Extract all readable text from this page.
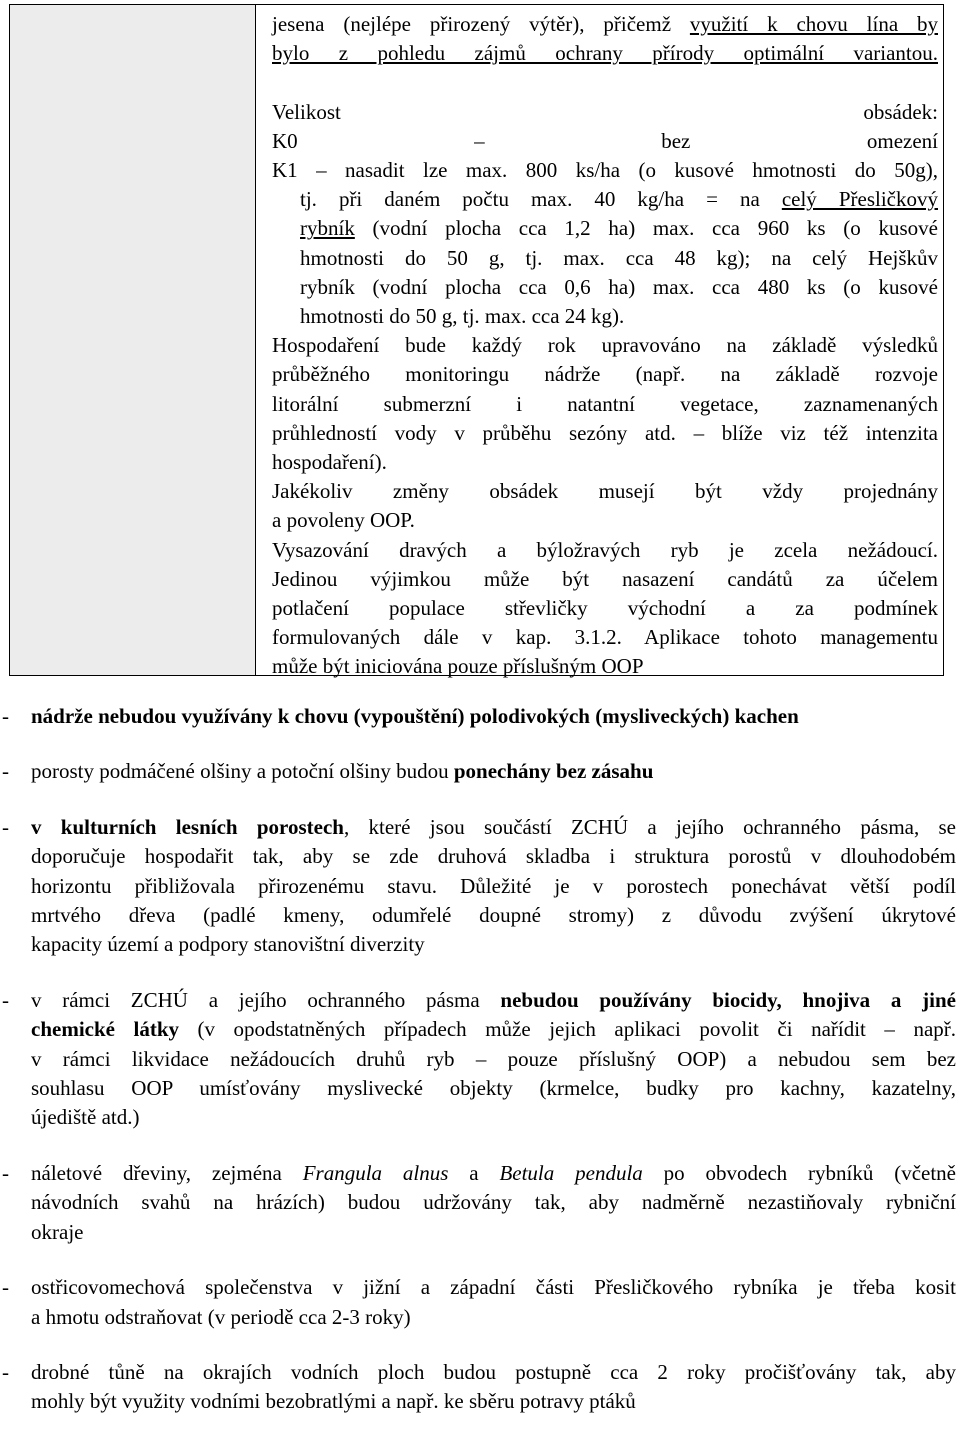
jesena (nejlépe přirozený výtěr), přičemž využití k chovu lína by

bylo z pohledu zájmů ochrany přírody optimální variantou.

Velikost obsádek:

K0 – bez omezení

K1 – nasadit lze max. 800 ks/ha (o kusové hmotnosti do 50g),

tj. při daném počtu max. 40 kg/ha = na celý Přesličkový

rybník (vodní plocha cca 1,2 ha) max. cca 960 ks (o kusové

hmotnosti do 50 g, tj. max. cca 48 kg); na celý Hejškův

rybník (vodní plocha cca 0,6 ha) max. cca 480 ks (o kusové

hmotnosti do 50 g, tj. max. cca 24 kg).

Hospodaření bude každý rok upravováno na základě výsledků

průběžného monitoringu nádrže (např. na základě rozvoje

litorální submerzní i natantní vegetace, zaznamenaných

průhledností vody v průběhu sezóny atd. – blíže viz též intenzita

hospodaření).

Jakékoliv změny obsádek musejí být vždy projednány

a povoleny OOP.

Vysazování dravých a býložravých ryb je zcela nežádoucí.

Jedinou výjimkou může být nasazení candátů za účelem

potlačení populace střevličky východní a za podmínek

formulovaných dále v kap. 3.1.2. Aplikace tohoto managementu

může být iniciována pouze příslušným OOP

- nádrže nebudou využívány k chovu (vypouštění) polodivokých (mysliveckých) kachen

- porosty podmáčené olšiny a potoční olšiny budou ponechány bez zásahu

- v kulturních lesních porostech, které jsou součástí ZCHÚ a jejího ochranného pásma, se

doporučuje hospodařit tak, aby se zde druhová skladba i struktura porostů v dlouhodobém

horizontu přibližovala přirozenému stavu. Důležité je v porostech ponechávat větší podíl

mrtvého dřeva (padlé kmeny, odumřelé doupné stromy) z důvodu zvýšení úkrytové

kapacity území a podpory stanovištní diverzity

- v rámci ZCHÚ a jejího ochranného pásma nebudou používány biocidy, hnojiva a jiné

chemické látky (v opodstatněných případech může jejich aplikaci povolit či nařídit – např.

v rámci likvidace nežádoucích druhů ryb – pouze příslušný OOP) a nebudou sem bez

souhlasu OOP umísťovány myslivecké objekty (krmelce, budky pro kachny, kazatelny,

újediště atd.)

- náletové dřeviny, zejména Frangula alnus a Betula pendula po obvodech rybníků (včetně

návodních svahů na hrázích) budou udržovány tak, aby nadměrně nezastiňovaly rybniční

okraje

- ostřicovomechová společenstva v jižní a západní části Přesličkového rybníka je třeba kosit

a hmotu odstraňovat (v periodě cca 2-3 roky)

- drobné tůně na okrajích vodních ploch budou postupně cca 2 roky pročišťovány tak, aby

mohly být využity vodními bezobratlými a např. ke sběru potravy ptáků
